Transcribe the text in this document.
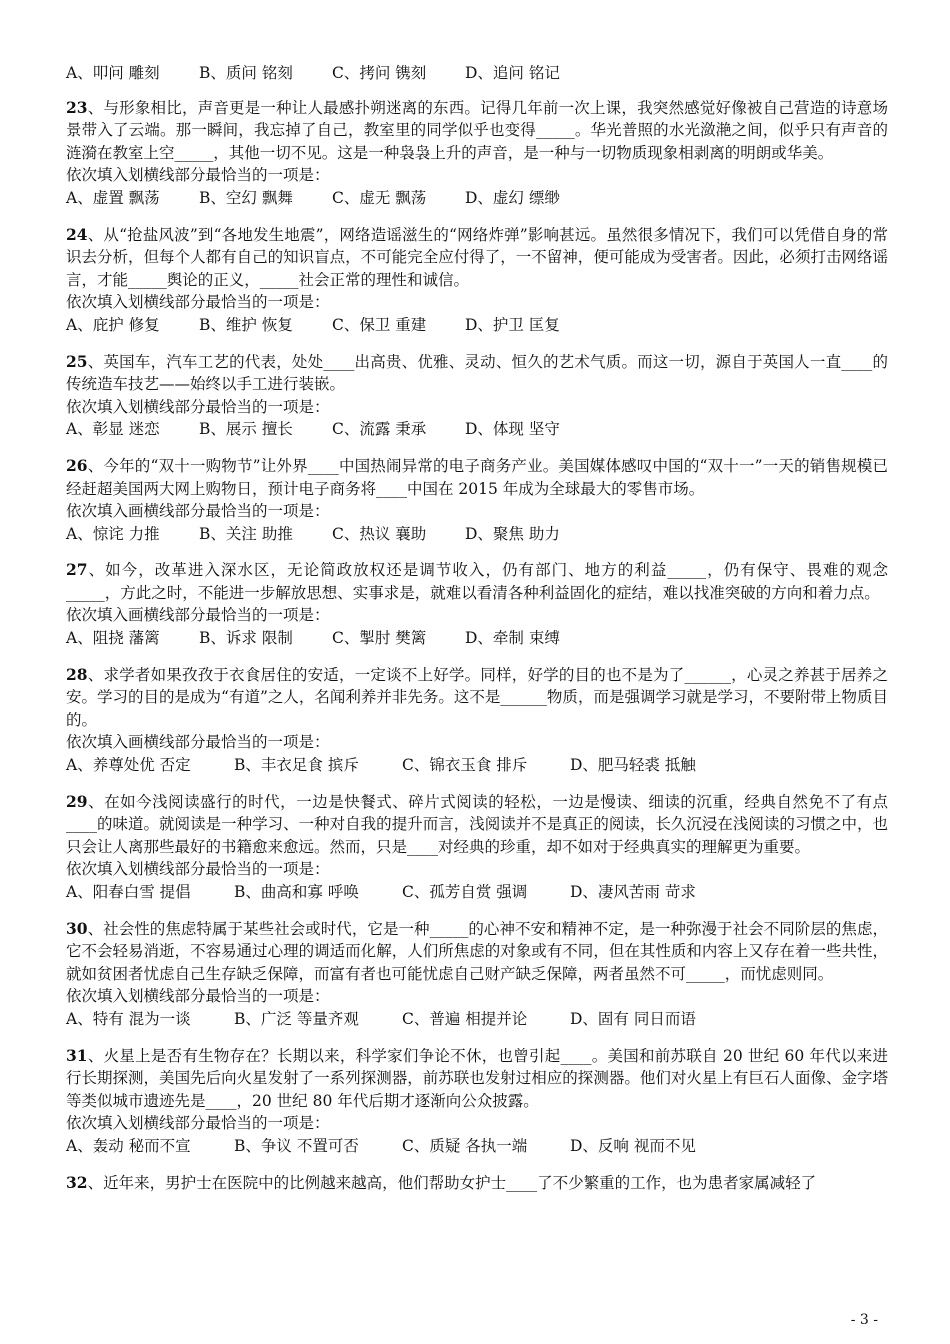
A、叩问 雕刻	B、质问 铭刻	C、拷问 镌刻 D、追问 铭记

23、与形象相比，声音更是一种让人最感扑朔迷离的东西。记得几年前一次上课，我突然感觉好像被自己营造的诗意场景带入了云端。那一瞬间，我忘掉了自己，教室里的同学似乎也变得_____。华光普照的水光潋滟之间，似乎只有声音的涟漪在教室上空_____，其他一切不见。这是一种袅袅上升的声音，是一种与一切物质现象相剥离的明朗或华美。

依次填入划横线部分最恰当的一项是：

A、虚置 飘荡	B、空幻 飘舞	C、虚无 飘荡 D、虚幻 缥缈

24、从“抢盐风波”到“各地发生地震”，网络造谣滋生的“网络炸弹”影响甚远。虽然很多情况下，我们可以凭借自身的常识去分析，但每个人都有自己的知识盲点，不可能完全应付得了，一不留神，便可能成为受害者。因此，必须打击网络谣言，才能_____舆论的正义，_____社会正常的理性和诚信。

依次填入划横线部分最恰当的一项是：

A、庇护 修复	B、维护 恢复	C、保卫 重建 D、护卫 匡复

25、英国车，汽车工艺的代表，处处____出高贵、优雅、灵动、恒久的艺术气质。而这一切，源自于英国人一直____的传统造车技艺——始终以手工进行装嵌。

依次填入划横线部分最恰当的一项是：

A、彰显 迷恋	B、展示 擅长	C、流露 秉承 D、体现 坚守

26、今年的“双十一购物节”让外界____中国热闹异常的电子商务产业。美国媒体感叹中国的“双十一”一天的销售规模已经赶超美国两大网上购物日，预计电子商务将____中国在 2015 年成为全球最大的零售市场。

依次填入画横线部分最恰当的一项是：

A、惊诧 力推	B、关注 助推	C、热议 襄助 D、聚焦 助力

27、如今，改革进入深水区，无论简政放权还是调节收入，仍有部门、地方的利益_____，仍有保守、畏难的观念_____，方此之时，不能进一步解放思想、实事求是，就难以看清各种利益固化的症结，难以找准突破的方向和着力点。

依次填入画横线部分最恰当的一项是：

A、阻挠 藩篱	B、诉求 限制	C、掣肘 樊篱 D、牵制 束缚

28、求学者如果孜孜于衣食居住的安适，一定谈不上好学。同样，好学的目的也不是为了______，心灵之养甚于居养之安。学习的目的是成为“有道”之人，名闻利养并非先务。这不是______物质，而是强调学习就是学习，不要附带上物质目的。

依次填入画横线部分最恰当的一项是：

A、养尊处优 否定	B、丰衣足食 摈斥	C、锦衣玉食 排斥	D、肥马轻裘 抵触

29、在如今浅阅读盛行的时代，一边是快餐式、碎片式阅读的轻松，一边是慢读、细读的沉重，经典自然免不了有点____的味道。就阅读是一种学习、一种对自我的提升而言，浅阅读并不是真正的阅读，长久沉浸在浅阅读的习惯之中，也只会让人离那些最好的书籍愈来愈远。然而，只是____对经典的珍重，却不如对于经典真实的理解更为重要。

依次填入划横线部分最恰当的一项是：

A、阳春白雪 提倡	B、曲高和寡 呼唤	C、孤芳自赏 强调	D、凄风苦雨 苛求

30、社会性的焦虑特属于某些社会或时代，它是一种_____的心神不安和精神不定，是一种弥漫于社会不同阶层的焦虑，它不会轻易消逝，不容易通过心理的调适而化解，人们所焦虑的对象或有不同，但在其性质和内容上又存在着一些共性，就如贫困者忧虑自己生存缺乏保障，而富有者也可能忧虑自己财产缺乏保障，两者虽然不可_____，而忧虑则同。

依次填入划横线部分最恰当的一项是：

A、特有 混为一谈	B、广泛 等量齐观	C、普遍 相提并论	D、固有 同日而语

31、火星上是否有生物存在？长期以来，科学家们争论不休，也曾引起____。美国和前苏联自 20 世纪 60 年代以来进行长期探测，美国先后向火星发射了一系列探测器，前苏联也发射过相应的探测器。他们对火星上有巨石人面像、金字塔等类似城市遗迹先是____，20 世纪 80 年代后期才逐渐向公众披露。

依次填入划横线部分最恰当的一项是：

A、轰动 秘而不宣	B、争议 不置可否	C、质疑 各执一端	D、反响 视而不见

32、近年来，男护士在医院中的比例越来越高，他们帮助女护士____了不少繁重的工作，也为患者家属减轻了

- 3 -
